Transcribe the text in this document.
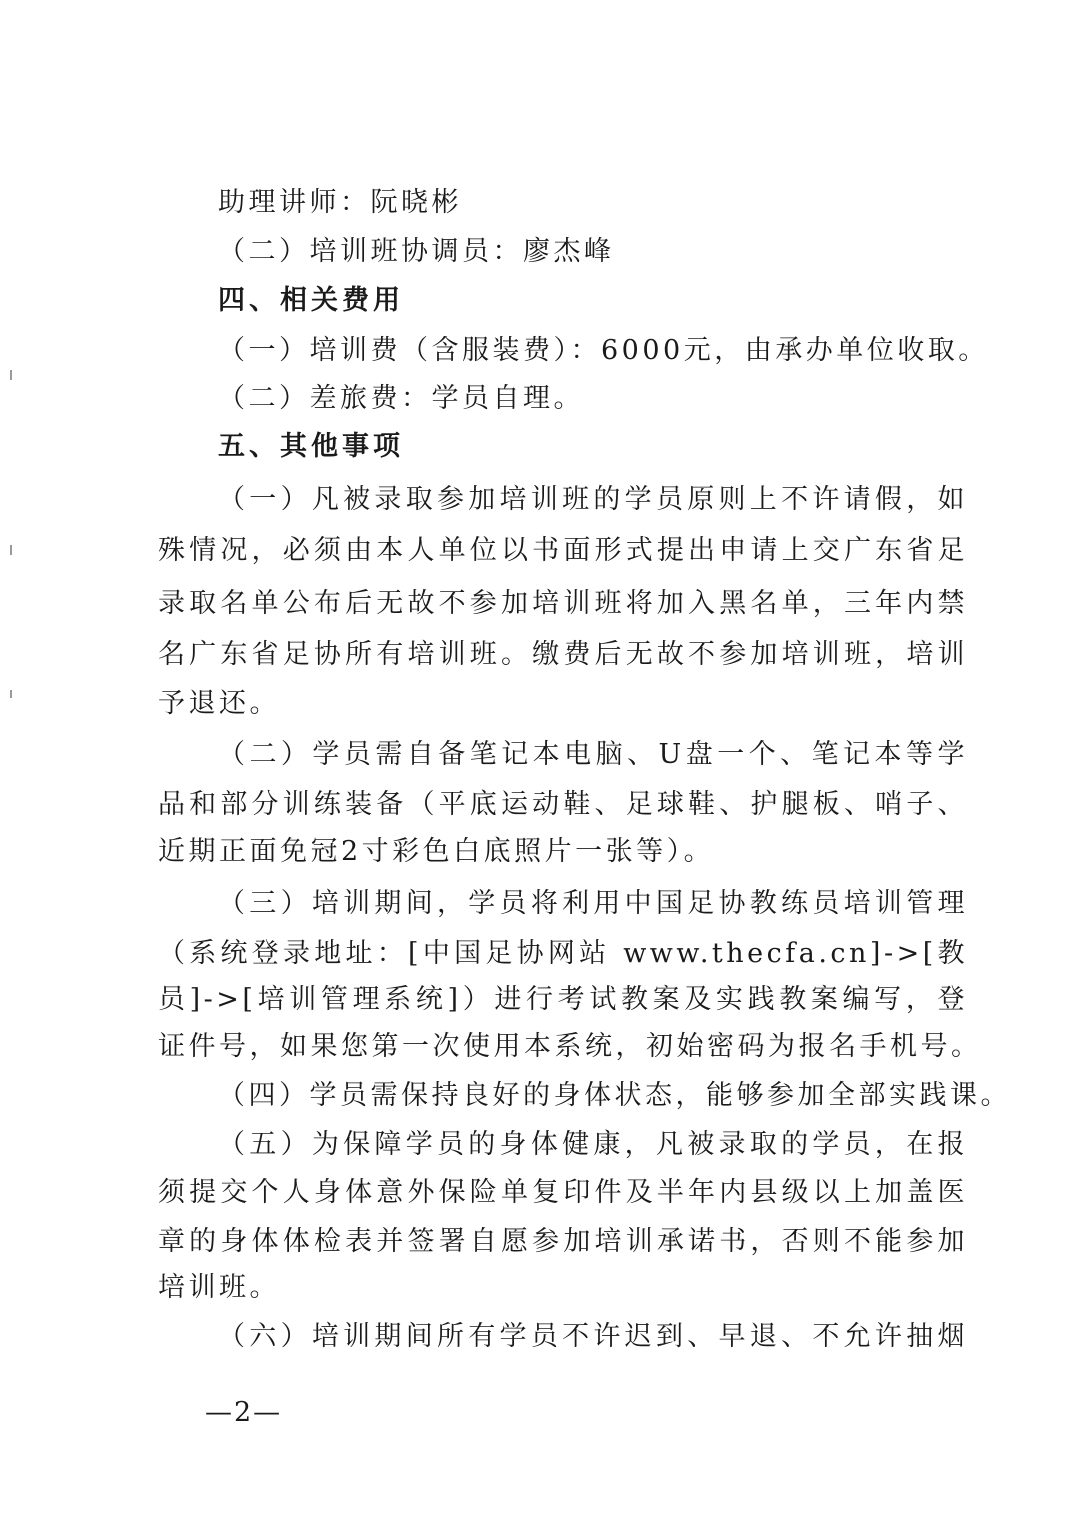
助理讲师：阮晓彬
（二）培训班协调员：廖杰峰
四、相关费用
（一）培训费（含服装费）：6000元，由承办单位收取。
（二）差旅费：学员自理。
五、其他事项
（一）凡被录取参加培训班的学员原则上不许请假，如
殊情况，必须由本人单位以书面形式提出申请上交广东省足
录取名单公布后无故不参加培训班将加入黑名单，三年内禁
名广东省足协所有培训班。缴费后无故不参加培训班，培训
予退还。
（二）学员需自备笔记本电脑、U盘一个、笔记本等学
品和部分训练装备（平底运动鞋、足球鞋、护腿板、哨子、
近期正面免冠2寸彩色白底照片一张等）。
（三）培训期间，学员将利用中国足协教练员培训管理
（系统登录地址：[中国足协网站 www.thecfa.cn]->[教
员]->[培训管理系统]）进行考试教案及实践教案编写，登
证件号，如果您第一次使用本系统，初始密码为报名手机号。
（四）学员需保持良好的身体状态，能够参加全部实践课。
（五）为保障学员的身体健康，凡被录取的学员，在报
须提交个人身体意外保险单复印件及半年内县级以上加盖医
章的身体体检表并签署自愿参加培训承诺书，否则不能参加
培训班。
（六）培训期间所有学员不许迟到、早退、不允许抽烟
—2—
